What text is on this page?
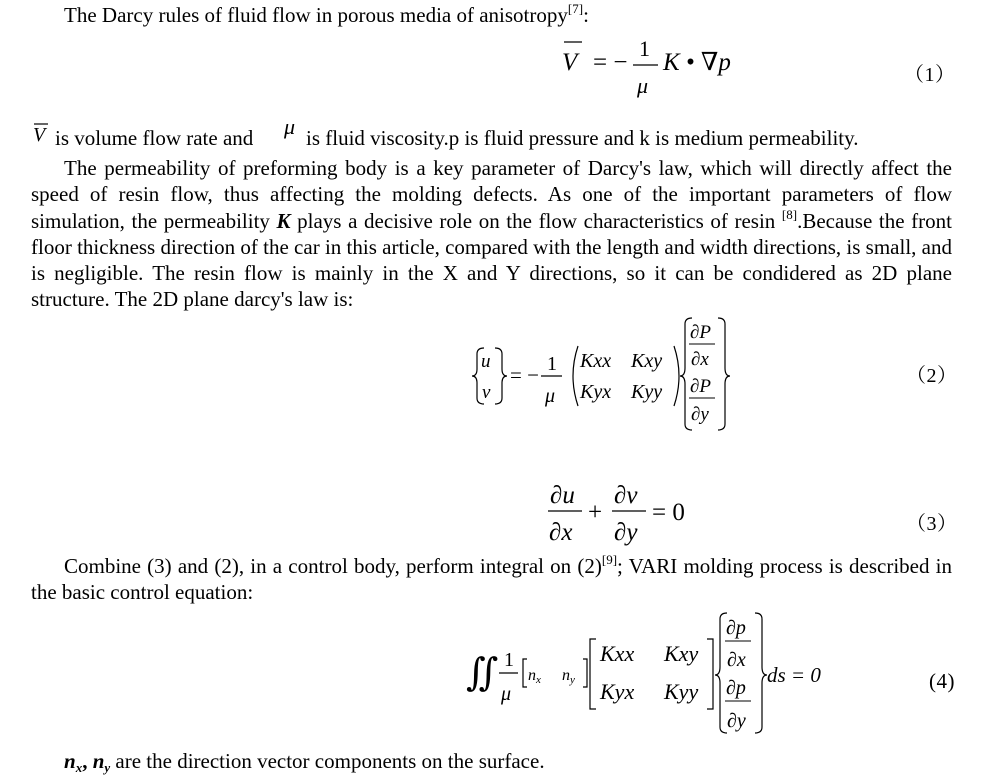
The Darcy rules of fluid flow in porous media of anisotropy[7]:
V = −
1
μ
K • ∇p	（1）
V is volume flow rate and μ is fluid viscosity.p is fluid pressure and k is medium permeability.
The permeability of preforming body is a key parameter of Darcy's law, which will directly affect the speed of resin flow, thus affecting the molding defects. As one of the important parameters of flow simulation, the permeability K plays a decisive role on the flow characteristics of resin [8].Because the front floor thickness direction of the car in this article, compared with the length and width directions, is small, and is negligible. The resin flow is mainly in the X and Y directions, so it can be condidered as 2D plane structure. The 2D plane darcy's law is:
u
v
= − 1
μ
Kxx Kxy
Kyx Kyy
∂P
∂x
∂P
∂y
（2）
∂u
∂x
+
∂v
∂y
= 0	（3）
Combine (3) and (2), in a control body, perform integral on (2)[9]; VARI molding process is described in the basic control equation:
∬ 1
μ
nx ny
Kxx Kxy
Kyx Kyy
∂p
∂x
∂p
∂y
ds = 0	(4)
$n_x$, $n_y$ are the direction vector components on the surface.
